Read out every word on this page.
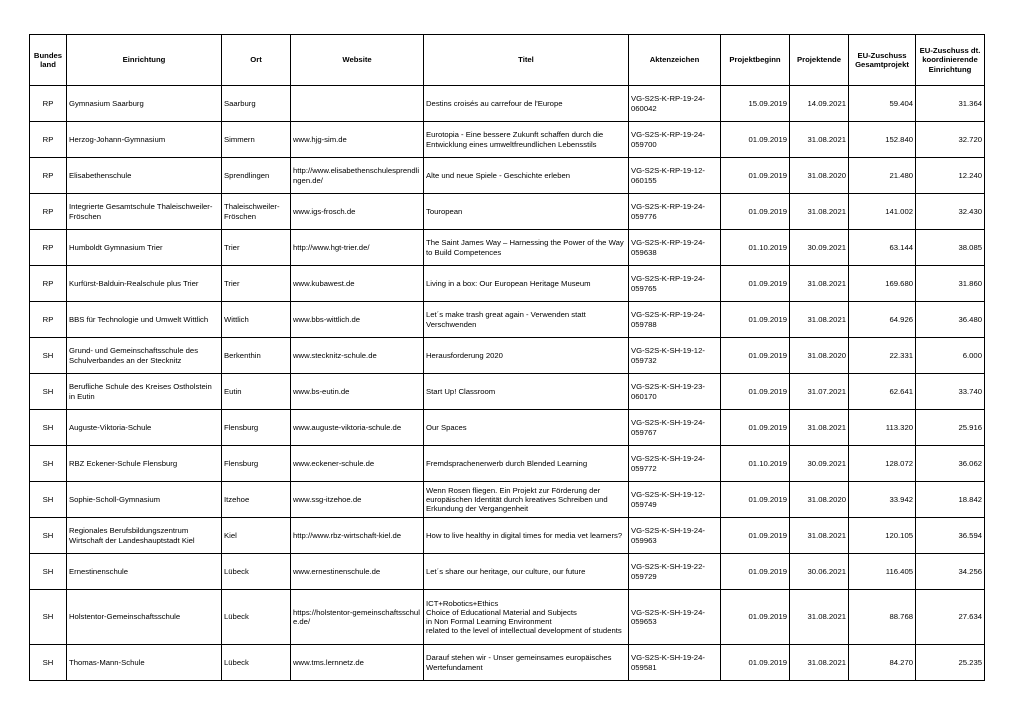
Bundes land	Einrichtung	Ort	Website	Titel	Aktenzeichen	Projektbeginn	Projektende	EU-Zuschuss Gesamtprojekt	EU-Zuschuss dt. koordinierende Einrichtung
RP	Gymnasium Saarburg	Saarburg		Destins croisés au carrefour de l'Europe	VG-S2S-K-RP-19-24-060042	15.09.2019	14.09.2021	59.404	31.364
RP	Herzog-Johann-Gymnasium	Simmern	www.hjg-sim.de	Eurotopia - Eine bessere Zukunft schaffen durch die Entwicklung eines umweltfreundlichen Lebensstils	VG-S2S-K-RP-19-24-059700	01.09.2019	31.08.2021	152.840	32.720
RP	Elisabethenschule	Sprendlingen	http://www.elisabethenschulesprendlingen.de/	Alte und neue Spiele - Geschichte erleben	VG-S2S-K-RP-19-12-060155	01.09.2019	31.08.2020	21.480	12.240
RP	Integrierte Gesamtschule Thaleischweiler-Fröschen	Thaleischweiler-Fröschen	www.igs-frosch.de	Touropean	VG-S2S-K-RP-19-24-059776	01.09.2019	31.08.2021	141.002	32.430
RP	Humboldt Gymnasium Trier	Trier	http://www.hgt-trier.de/	The Saint James Way – Harnessing the Power of the Way to Build Competences	VG-S2S-K-RP-19-24-059638	01.10.2019	30.09.2021	63.144	38.085
RP	Kurfürst-Balduin-Realschule plus Trier	Trier	www.kubawest.de	Living in a box: Our European Heritage Museum	VG-S2S-K-RP-19-24-059765	01.09.2019	31.08.2021	169.680	31.860
RP	BBS für Technologie und Umwelt Wittlich	Wittlich	www.bbs-wittlich.de	Let´s make trash great again - Verwenden statt Verschwenden	VG-S2S-K-RP-19-24-059788	01.09.2019	31.08.2021	64.926	36.480
SH	Grund- und Gemeinschaftsschule des Schulverbandes an der Stecknitz	Berkenthin	www.stecknitz-schule.de	Herausforderung 2020	VG-S2S-K-SH-19-12-059732	01.09.2019	31.08.2020	22.331	6.000
SH	Berufliche Schule des Kreises Ostholstein in Eutin	Eutin	www.bs-eutin.de	Start Up! Classroom	VG-S2S-K-SH-19-23-060170	01.09.2019	31.07.2021	62.641	33.740
SH	Auguste-Viktoria-Schule	Flensburg	www.auguste-viktoria-schule.de	Our Spaces	VG-S2S-K-SH-19-24-059767	01.09.2019	31.08.2021	113.320	25.916
SH	RBZ Eckener-Schule Flensburg	Flensburg	www.eckener-schule.de	Fremdsprachenerwerb durch Blended Learning	VG-S2S-K-SH-19-24-059772	01.10.2019	30.09.2021	128.072	36.062
SH	Sophie-Scholl-Gymnasium	Itzehoe	www.ssg-itzehoe.de	Wenn Rosen fliegen. Ein Projekt zur Förderung der europäischen Identität durch kreatives Schreiben und Erkundung der Vergangenheit	VG-S2S-K-SH-19-12-059749	01.09.2019	31.08.2020	33.942	18.842
SH	Regionales Berufsbildungszentrum Wirtschaft der Landeshauptstadt Kiel	Kiel	http://www.rbz-wirtschaft-kiel.de	How to live healthy in digital times for media vet learners?	VG-S2S-K-SH-19-24-059963	01.09.2019	31.08.2021	120.105	36.594
SH	Ernestinenschule	Lübeck	www.ernestinenschule.de	Let´s share our heritage, our culture, our future	VG-S2S-K-SH-19-22-059729	01.09.2019	30.06.2021	116.405	34.256
SH	Holstentor-Gemeinschaftsschule	Lübeck	https://holstentor-gemeinschaftsschule.de/	ICT+Robotics+Ethics
Choice of Educational Material and Subjects
in Non Formal Learning Environment
related to the level of intellectual development of students	VG-S2S-K-SH-19-24-059653	01.09.2019	31.08.2021	88.768	27.634
SH	Thomas-Mann-Schule	Lübeck	www.tms.lernnetz.de	Darauf stehen wir - Unser gemeinsames europäisches Wertefundament	VG-S2S-K-SH-19-24-059581	01.09.2019	31.08.2021	84.270	25.235
